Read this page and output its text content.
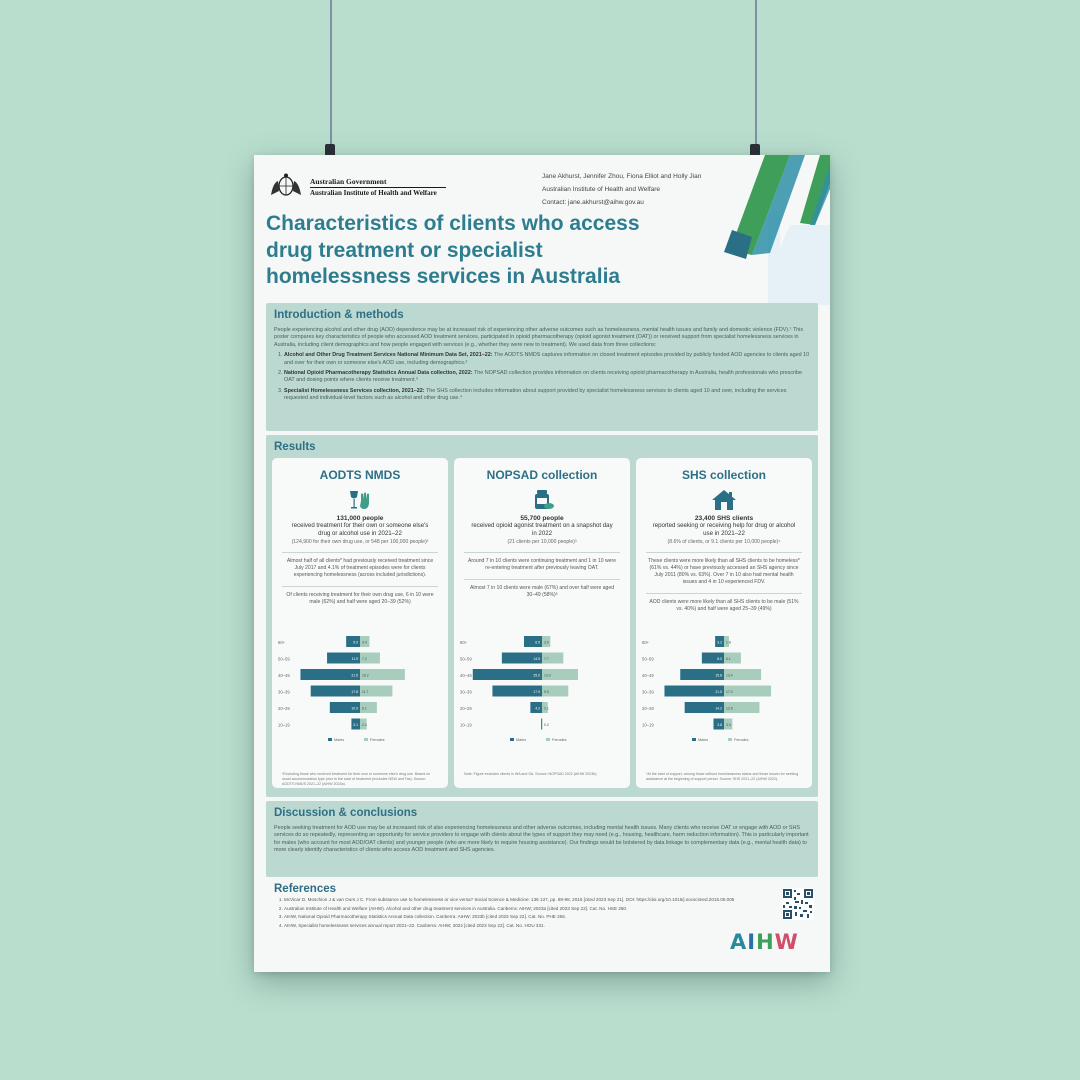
Australian Government
Australian Institute of Health and Welfare
Jane Akhurst, Jennifer Zhou, Fiona Elliot and Holly Jian
Australian Institute of Health and Welfare
Contact: jane.akhurst@aihw.gov.au
Characteristics of clients who access drug treatment or specialist homelessness services in Australia
Introduction & methods

People experiencing alcohol and other drug (AOD) dependence may be at increased risk of experiencing other adverse outcomes such as homelessness, mental health issues and family and domestic violence (FDV).¹ This poster compares key characteristics of people who accessed AOD treatment services, participated in opioid pharmacotherapy (opioid agonist treatment (OAT)) or received support from specialist homelessness services in Australia, including client demographics and how people engaged with services (e.g., whether they were new to treatment). We used data from three collections:

1. Alcohol and Other Drug Treatment Services National Minimum Data Set, 2021–22: The AODTS NMDS captures information on closed treatment episodes provided by publicly funded AOD agencies to clients aged 10 and over for their own or someone else's AOD use, including demographics.²
2. National Opioid Pharmacotherapy Statistics Annual Data collection, 2022: The NOPSAD collection provides information on clients receiving opioid pharmacotherapy in Australia, health professionals who prescribe OAT and dosing points where clients receive treatment.³
3. Specialist Homelessness Services collection, 2021–22: The SHS collection includes information about support provided by specialist homelessness services to clients aged 10 and over, including the services requested and individual-level factors such as alcohol and other drug use.⁴
Results
AODTS NMDS
131,000 people
received treatment for their own or someone else's drug or alcohol use in 2021–22
(124,900 for their own drug use, or 548 per 100,000 people)²
Almost half of all clients* had previously received treatment since July 2017 and 4.1% of treatment episodes were for clients experiencing homelessness (across included jurisdictions).
Of clients receiving treatment for their own drug use, 6 in 10 were male (62%) and half were aged 20–39 (52%)
60+	5.0 3.4
50–59	11.9 7.2
40–49	21.5 16.2
30–39	17.8 11.7
20–29	10.9 6.1
10–19	3.1 2.4
Males	Females
*Excluding those who received treatment for their own or someone else's drug use. Based on usual accommodation type prior to the start of treatment (excludes NSW and Tas). Source: AODTS NMDS 2021–22 (AIHW 2023a).
NOPSAD collection
55,700 people
received opioid agonist treatment on a snapshot day in 2022
(21 clients per 10,000 people)³
Around 7 in 10 clients were continuing treatment and 1 in 10 were re-entering treatment after previously leaving OAT.
Almost 7 in 10 clients were male (67%) and over half were aged 30–49 (58%)³
60+	6.5 3.0
50–59	14.5 7.7
40–49	25.0 13.0
30–39	17.9 9.5
20–29	4.2 2.1
10–19	0.3 0.2
Males	Females
Note: Figure excludes clients in WA and SA. Source: NOPSAD 2022 (AIHW 2023b).
SHS collection
23,400 SHS clients
reported seeking or receiving help for drug or alcohol use in 2021–22
(8.6% of clients, or 9.1 clients per 10,000 people)⁴
These clients were more likely than all SHS clients to be homeless* (61% vs. 44%) or have previously accessed an SHS agency since July 2011 (80% vs. 63%). Over 7 in 10 also had mental health issues and 4 in 10 experienced FDV.
AOD clients were more likely than all SHS clients to be male (51% vs. 40%) and half were aged 25–39 (49%)
60+	3.2 1.8
50–59	8.0 6.1
40–49	15.8 13.4
30–39	21.5 17.0
20–29	14.2 12.8
10–19	3.8 3.0
Males	Females
*At the start of support, among those without homelessness status and those known for seeking assistance at the beginning of support period. Source: SHS 2021–22 (AIHW 2022).
Discussion & conclusions

People seeking treatment for AOD use may be at increased risk of also experiencing homelessness and other adverse outcomes, including mental health issues. Many clients who receive OAT or engage with AOD or SHS services do so repeatedly, representing an opportunity for service providers to engage with clients about the types of support they may need (e.g., housing, healthcare, harm reduction information). This is particularly important for males (who account for most AOD/OAT clients) and younger people (who are more likely to require housing assistance). Our findings would be bolstered by data linkage to complementary data (e.g., mental health data) to more clearly identify characteristics of clients who access AOD treatment and SHS agencies.

References
1. McVicar D, Moschion J & van Ours J C. From substance use to homelessness or vice versa? Social Science & Medicine: 136 137, pp. 89-98, 2015 [cited 2023 Sep 21]. DOI: https://doi.org/10.1016/j.socscimed.2015.05.005
2. Australian Institute of Health and Welfare (AIHW). Alcohol and other drug treatment services in Australia. Canberra: AIHW; 2023a [cited 2023 Sep 22]. Cat. No. HSE 250.
3. AIHW, National Opioid Pharmacotherapy Statistics Annual Data collection. Canberra: AIHW; 2023b [cited 2023 Sep 22]. Cat. No. PHE 266.
4. AIHW, Specialist homelessness services annual report 2021–22. Canberra: AIHW; 2022 [cited 2023 Sep 22]. Cat. No. HOU 331.
AIHW
